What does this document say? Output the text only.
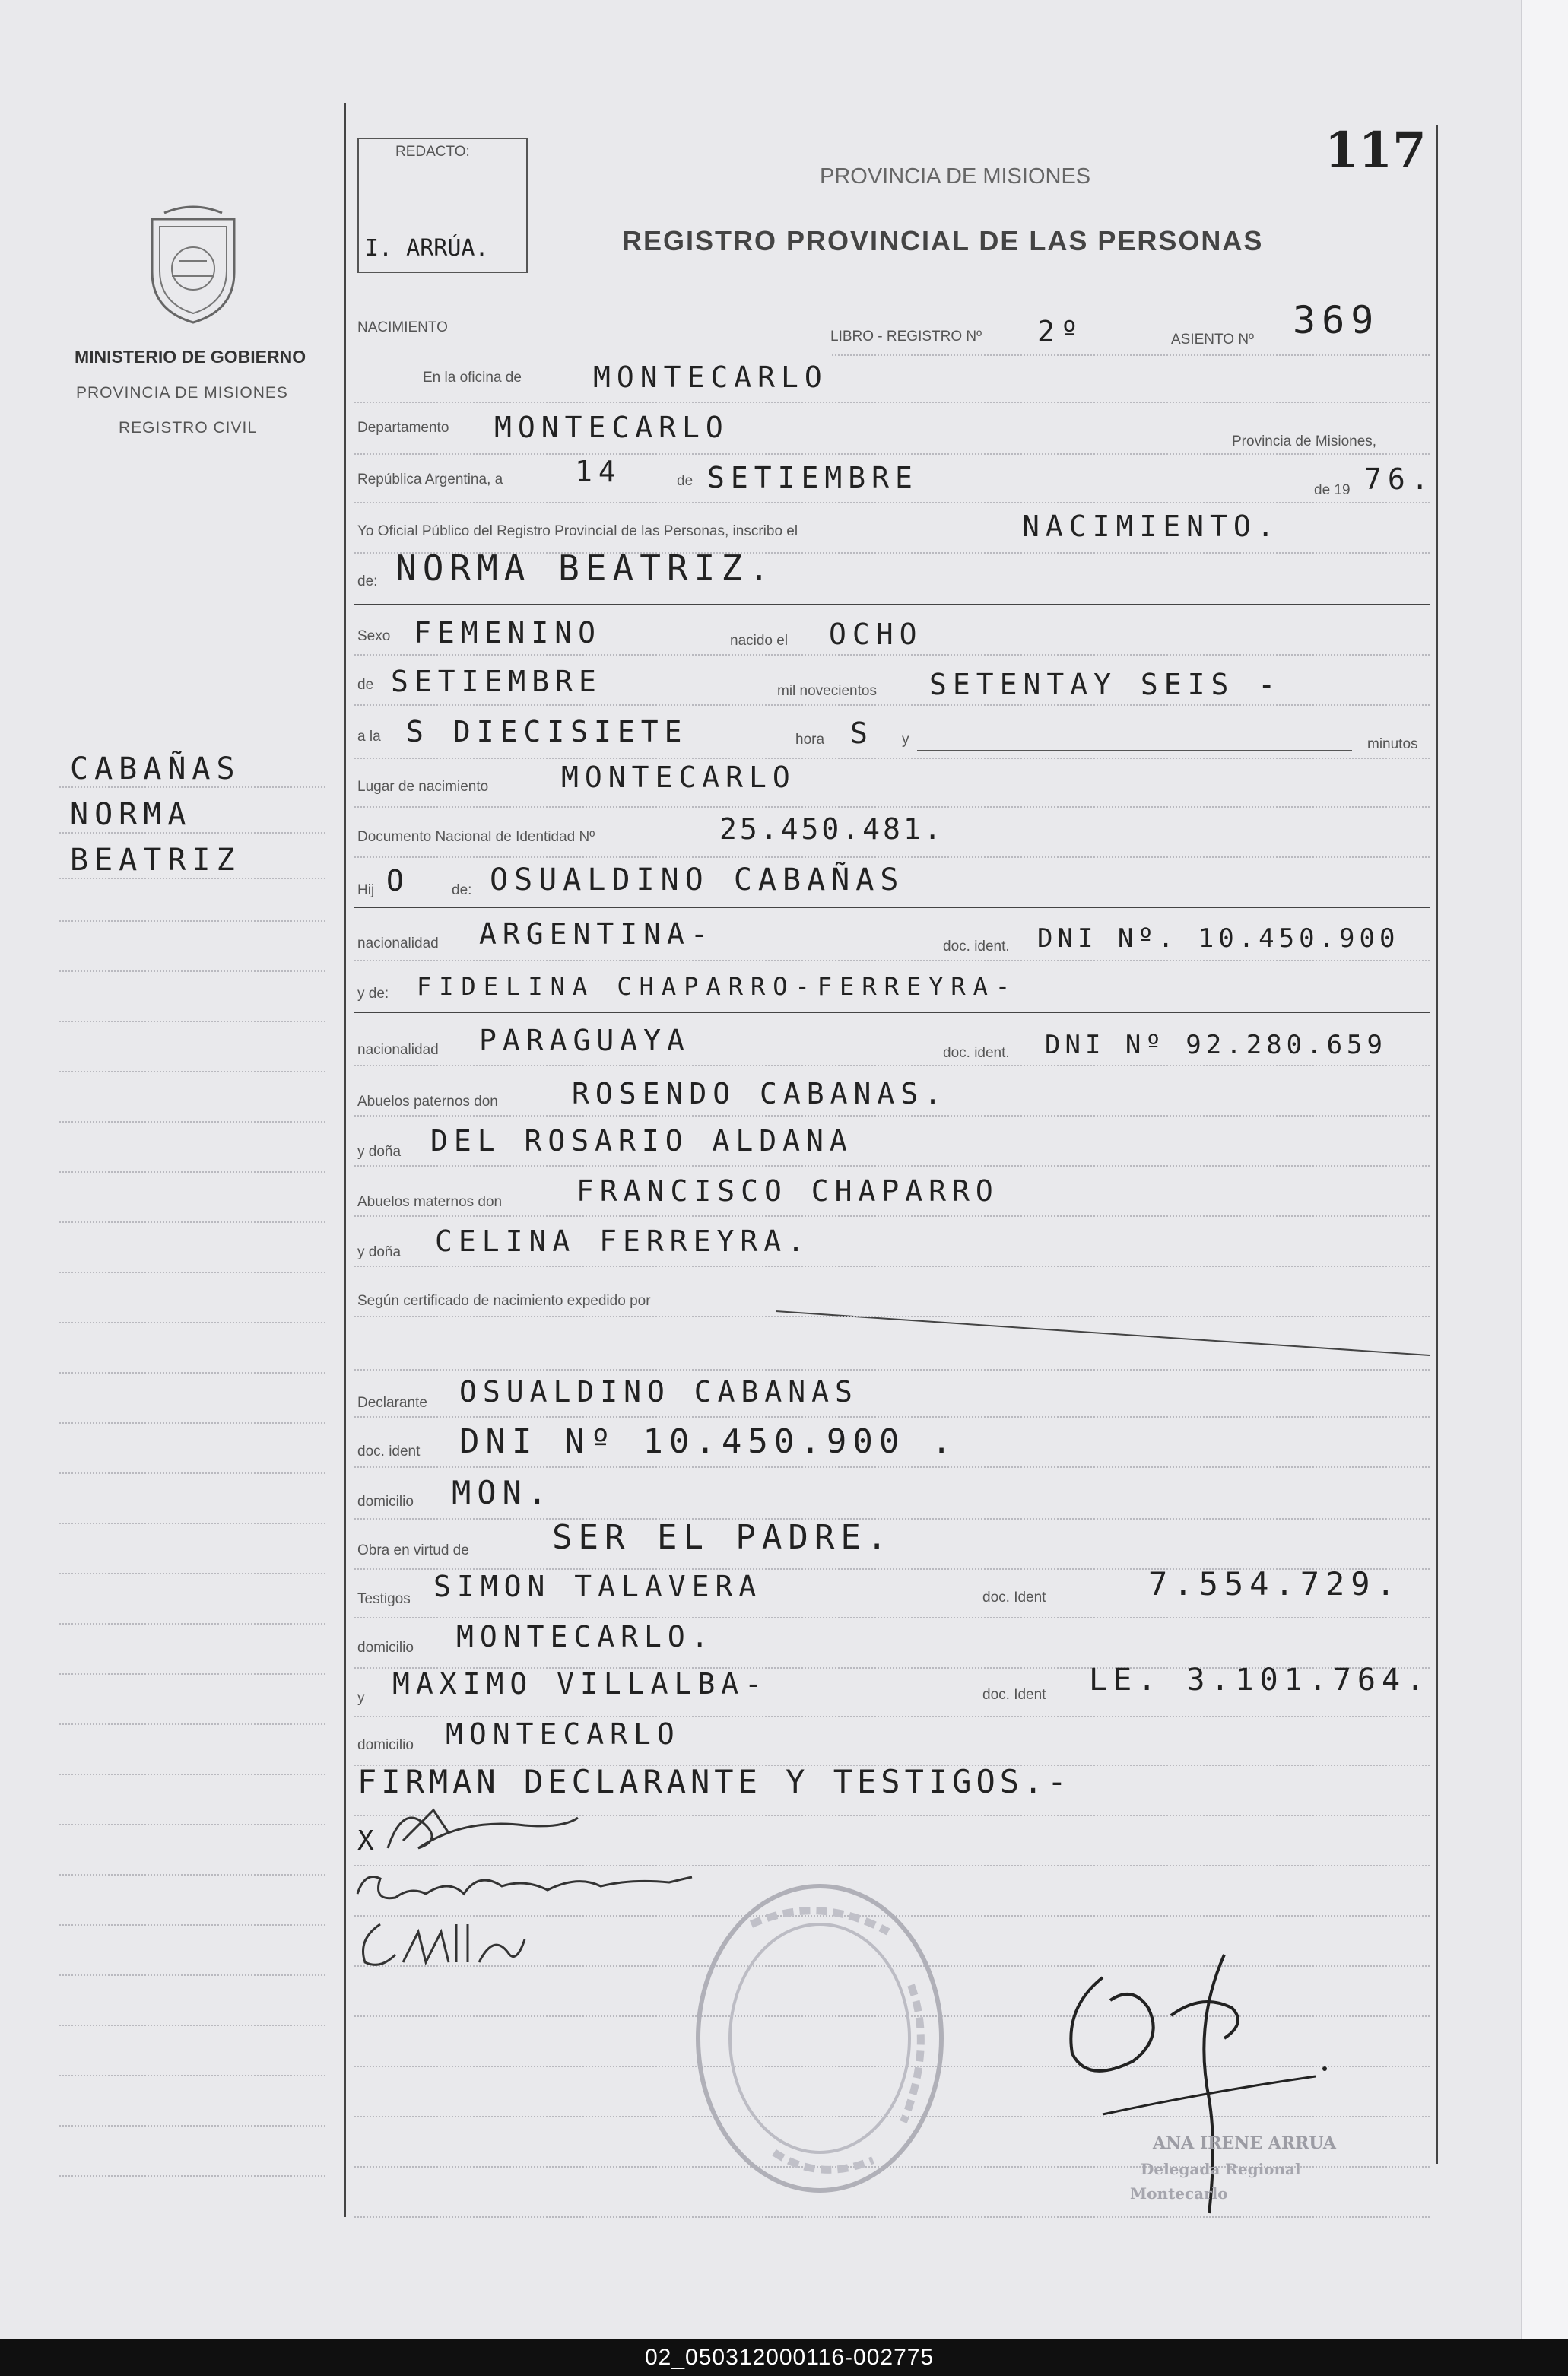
MINISTERIO DE GOBIERNO
PROVINCIA DE MISIONES
REGISTRO CIVIL
CABAÑAS
NORMA
BEATRIZ
REDACTO:
I. ARRÚA.
PROVINCIA DE MISIONES
REGISTRO PROVINCIAL DE LAS PERSONAS
117
NACIMIENTO
LIBRO - REGISTRO Nº 2º	ASIENTO Nº 369
En la oficina de MONTECARLO
Departamento MONTECARLO	Provincia de Misiones,
República Argentina, a 14	de SETIEMBRE	de 19 76.
Yo Oficial Público del Registro Provincial de las Personas, inscribo el	NACIMIENTO.
de: NORMA BEATRIZ.
Sexo FEMENINO	nacido el OCHO
de SETIEMBRE	mil novecientos SETENTAY SEIS -
a la S DIECISIETE	hora S y	minutos
Lugar de nacimiento	MONTECARLO
Documento Nacional de Identidad Nº	25.450.481.
Hij O	de: OSUALDINO CABAÑAS
nacionalidad ARGENTINA-	doc. ident. DNI Nº. 10.450.900
y de: FIDELINA CHAPARRO-FERREYRA-
nacionalidad PARAGUAYA	doc. ident. DNI Nº 92.280.659
Abuelos paternos don	ROSENDO CABANAS.
y doña DEL ROSARIO ALDANA
Abuelos maternos don	FRANCISCO CHAPARRO
y doña CELINA FERREYRA.
Según certificado de nacimiento expedido por
Declarante OSUALDINO CABANAS
doc. ident DNI Nº 10.450.900 .
domicilio MON.
Obra en virtud de SER EL PADRE.
Testigos SIMON TALAVERA	doc. Ident	7.554.729.
domicilio MONTECARLO.
y MAXIMO VILLALBA-	doc. Ident LE. 3.101.764.
domicilio MONTECARLO
FIRMAN DECLARANTE Y TESTIGOS.-
X
ANA IRENE ARRUA
Delegada Regional
Montecarlo
02_050312000116-002775
